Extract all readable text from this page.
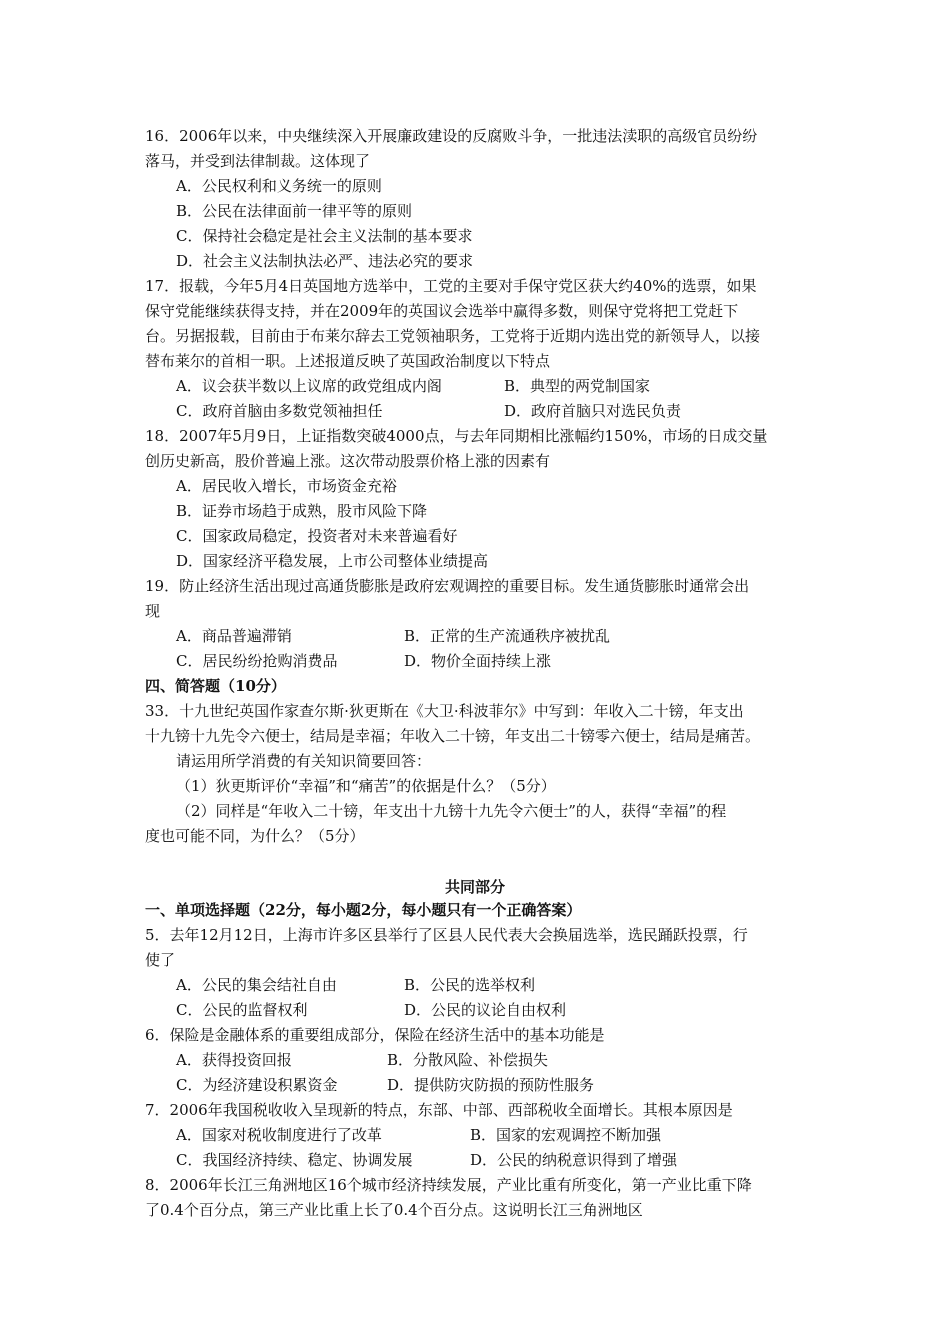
16．2006年以来，中央继续深入开展廉政建设的反腐败斗争，一批违法渎职的高级官员纷纷
落马，并受到法律制裁。这体现了
A．公民权利和义务统一的原则
B．公民在法律面前一律平等的原则
C．保持社会稳定是社会主义法制的基本要求
D．社会主义法制执法必严、违法必究的要求
17．报载，今年5月4日英国地方选举中，工党的主要对手保守党区获大约40%的选票，如果
保守党能继续获得支持，并在2009年的英国议会选举中赢得多数，则保守党将把工党赶下
台。另据报载，目前由于布莱尔辞去工党领袖职务，工党将于近期内选出党的新领导人，以接
替布莱尔的首相一职。上述报道反映了英国政治制度以下特点
A．议会获半数以上议席的政党组成内阁	B．典型的两党制国家
C．政府首脑由多数党领袖担任	D．政府首脑只对选民负责
18．2007年5月9日，上证指数突破4000点，与去年同期相比涨幅约150%，市场的日成交量
创历史新高，股价普遍上涨。这次带动股票价格上涨的因素有
A．居民收入增长，市场资金充裕
B．证券市场趋于成熟，股市风险下降
C．国家政局稳定，投资者对未来普遍看好
D．国家经济平稳发展，上市公司整体业绩提高
19．防止经济生活出现过高通货膨胀是政府宏观调控的重要目标。发生通货膨胀时通常会出
现
A．商品普遍滞销	B．正常的生产流通秩序被扰乱
C．居民纷纷抢购消费品	D．物价全面持续上涨
四、简答题（10分）
33．十九世纪英国作家查尔斯·狄更斯在《大卫·科波菲尔》中写到：年收入二十镑，年支出
十九镑十九先令六便士，结局是幸福；年收入二十镑，年支出二十镑零六便士，结局是痛苦。
请运用所学消费的有关知识简要回答：
（1）狄更斯评价“幸福”和“痛苦”的依据是什么？（5分）
（2）同样是“年收入二十镑，年支出十九镑十九先令六便士”的人，获得“幸福”的程
度也可能不同，为什么？（5分）
共同部分
一、单项选择题（22分，每小题2分，每小题只有一个正确答案）
5．去年12月12日，上海市许多区县举行了区县人民代表大会换届选举，选民踊跃投票，行
使了
A．公民的集会结社自由	B．公民的选举权利
C．公民的监督权利	D．公民的议论自由权利
6．保险是金融体系的重要组成部分，保险在经济生活中的基本功能是
A．获得投资回报	B．分散风险、补偿损失
C．为经济建设积累资金	D．提供防灾防损的预防性服务
7．2006年我国税收收入呈现新的特点，东部、中部、西部税收全面增长。其根本原因是
A．国家对税收制度进行了改革	B．国家的宏观调控不断加强
C．我国经济持续、稳定、协调发展	D．公民的纳税意识得到了增强
8．2006年长江三角洲地区16个城市经济持续发展，产业比重有所变化，第一产业比重下降
了0.4个百分点，第三产业比重上长了0.4个百分点。这说明长江三角洲地区
